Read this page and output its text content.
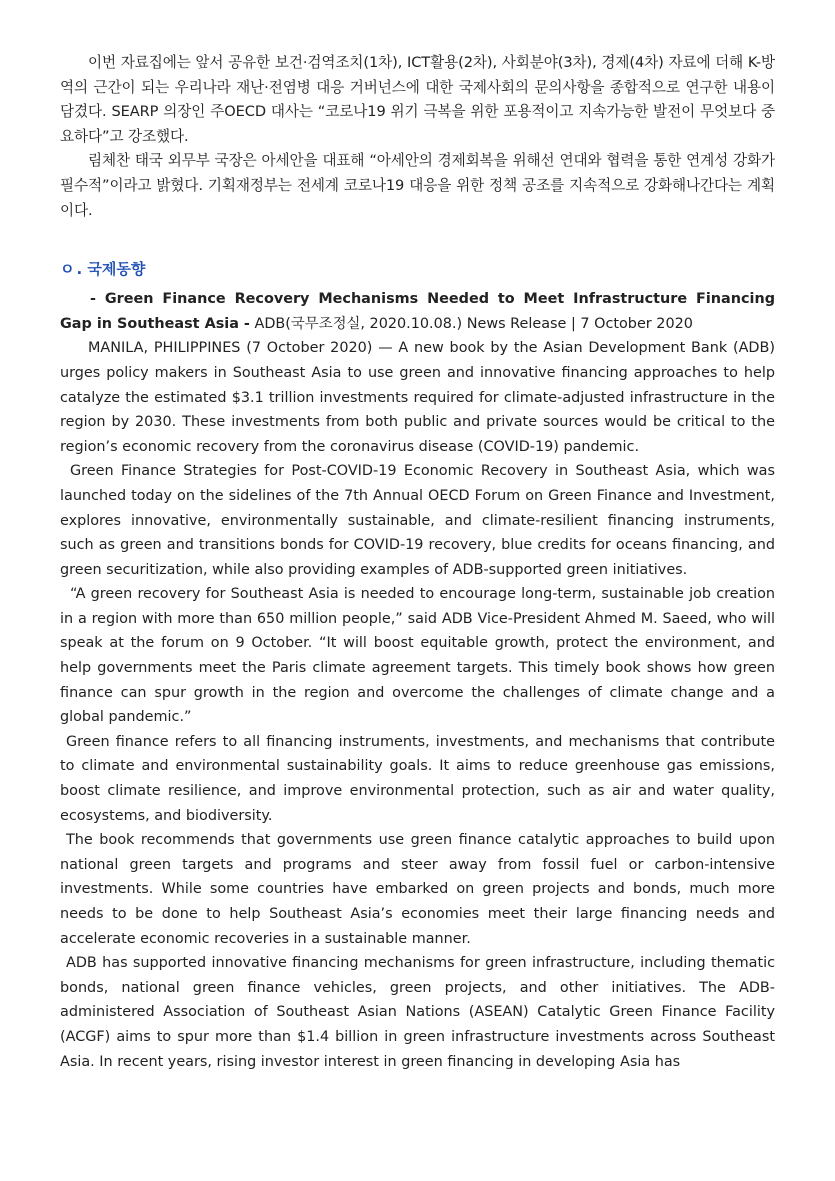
이번 자료집에는 앞서 공유한 보건·검역조치(1차), ICT활용(2차), 사회분야(3차), 경제(4차) 자료에 더해 K-방역의 근간이 되는 우리나라 재난·전염병 대응 거버넌스에 대한 국제사회의 문의사항을 종합적으로 연구한 내용이 담겼다. SEARP 의장인 주OECD 대사는 “코로나19 위기 극복을 위한 포용적이고 지속가능한 발전이 무엇보다 중요하다”고 강조했다.

림체찬 태국 외무부 국장은 아세안을 대표해 “아세안의 경제회복을 위해선 연대와 협력을 통한 연계성 강화가 필수적”이라고 밝혔다. 기획재정부는 전세계 코로나19 대응을 위한 정책 공조를 지속적으로 강화해나간다는 계획이다.

ㅇ . 국제동향

- Green Finance Recovery Mechanisms Needed to Meet Infrastructure Financing Gap in Southeast Asia - ADB(국무조정실, 2020.10.08.) News Release | 7 October 2020

MANILA, PHILIPPINES (7 October 2020) — A new book by the Asian Development Bank (ADB) urges policy makers in Southeast Asia to use green and innovative financing approaches to help catalyze the estimated $3.1 trillion investments required for climate-adjusted infrastructure in the region by 2030. These investments from both public and private sources would be critical to the region’s economic recovery from the coronavirus disease (COVID-19) pandemic.

Green Finance Strategies for Post-COVID-19 Economic Recovery in Southeast Asia, which was launched today on the sidelines of the 7th Annual OECD Forum on Green Finance and Investment, explores innovative, environmentally sustainable, and climate-resilient financing instruments, such as green and transitions bonds for COVID-19 recovery, blue credits for oceans financing, and green securitization, while also providing examples of ADB-supported green initiatives.

“A green recovery for Southeast Asia is needed to encourage long-term, sustainable job creation in a region with more than 650 million people,” said ADB Vice-President Ahmed M. Saeed, who will speak at the forum on 9 October. “It will boost equitable growth, protect the environment, and help governments meet the Paris climate agreement targets. This timely book shows how green finance can spur growth in the region and overcome the challenges of climate change and a global pandemic.”

Green finance refers to all financing instruments, investments, and mechanisms that contribute to climate and environmental sustainability goals. It aims to reduce greenhouse gas emissions, boost climate resilience, and improve environmental protection, such as air and water quality, ecosystems, and biodiversity.

The book recommends that governments use green finance catalytic approaches to build upon national green targets and programs and steer away from fossil fuel or carbon-intensive investments. While some countries have embarked on green projects and bonds, much more needs to be done to help Southeast Asia’s economies meet their large financing needs and accelerate economic recoveries in a sustainable manner.

ADB has supported innovative financing mechanisms for green infrastructure, including thematic bonds, national green finance vehicles, green projects, and other initiatives. The ADB-administered Association of Southeast Asian Nations (ASEAN) Catalytic Green Finance Facility (ACGF) aims to spur more than $1.4 billion in green infrastructure investments across Southeast Asia. In recent years, rising investor interest in green financing in developing Asia has
